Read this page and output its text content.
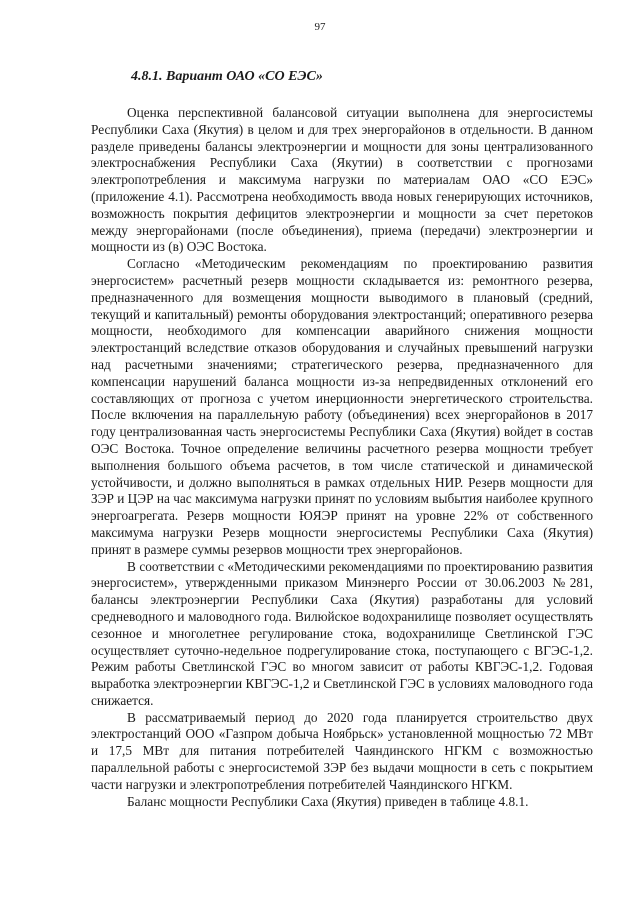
97
4.8.1. Вариант ОАО «СО ЕЭС»

Оценка перспективной балансовой ситуации выполнена для энергосистемы Республики Саха (Якутия) в целом и для трех энергорайонов в отдельности. В данном разделе приведены балансы электроэнергии и мощности для зоны централизованного электроснабжения Республики Саха (Якутии) в соответствии с прогнозами электропотребления и максимума нагрузки по материалам ОАО «СО ЕЭС» (приложение 4.1). Рассмотрена необходимость ввода новых генерирующих источников, возможность покрытия дефицитов электроэнергии и мощности за счет перетоков между энергорайонами (после объединения), приема (передачи) электроэнергии и мощности из (в) ОЭС Востока.

Согласно «Методическим рекомендациям по проектированию развития энергосистем» расчетный резерв мощности складывается из: ремонтного резерва, предназначенного для возмещения мощности выводимого в плановый (средний, текущий и капитальный) ремонты оборудования электростанций; оперативного резерва мощности, необходимого для компенсации аварийного снижения мощности электростанций вследствие отказов оборудования и случайных превышений нагрузки над расчетными значениями; стратегического резерва, предназначенного для компенсации нарушений баланса мощности из-за непредвиденных отклонений его составляющих от прогноза с учетом инерционности энергетического строительства. После включения на параллельную работу (объединения) всех энергорайонов в 2017 году централизованная часть энергосистемы Республики Саха (Якутия) войдет в состав ОЭС Востока. Точное определение величины расчетного резерва мощности требует выполнения большого объема расчетов, в том числе статической и динамической устойчивости, и должно выполняться в рамках отдельных НИР. Резерв мощности для ЗЭР и ЦЭР на час максимума нагрузки принят по условиям выбытия наиболее крупного энергоагрегата. Резерв мощности ЮЯЭР принят на уровне 22% от собственного максимума нагрузки Резерв мощности энергосистемы Республики Саха (Якутия) принят в размере суммы резервов мощности трех энергорайонов.

В соответствии с «Методическими рекомендациями по проектированию развития энергосистем», утвержденными приказом Минэнерго России от 30.06.2003 №281, балансы электроэнергии Республики Саха (Якутия) разработаны для условий средневодного и маловодного года. Вилюйское водохранилище позволяет осуществлять сезонное и многолетнее регулирование стока, водохранилище Светлинской ГЭС осуществляет суточно-недельное подрегулирование стока, поступающего с ВГЭС-1,2. Режим работы Светлинской ГЭС во многом зависит от работы КВГЭС-1,2. Годовая выработка электроэнергии КВГЭС-1,2 и Светлинской ГЭС в условиях маловодного года снижается.

В рассматриваемый период до 2020 года планируется строительство двух электростанций ООО «Газпром добыча Ноябрьск» установленной мощностью 72 МВт и 17,5 МВт для питания потребителей Чаяндинского НГКМ с возможностью параллельной работы с энергосистемой ЗЭР без выдачи мощности в сеть с покрытием части нагрузки и электропотребления потребителей Чаяндинского НГКМ.

Баланс мощности Республики Саха (Якутия) приведен в таблице 4.8.1.
